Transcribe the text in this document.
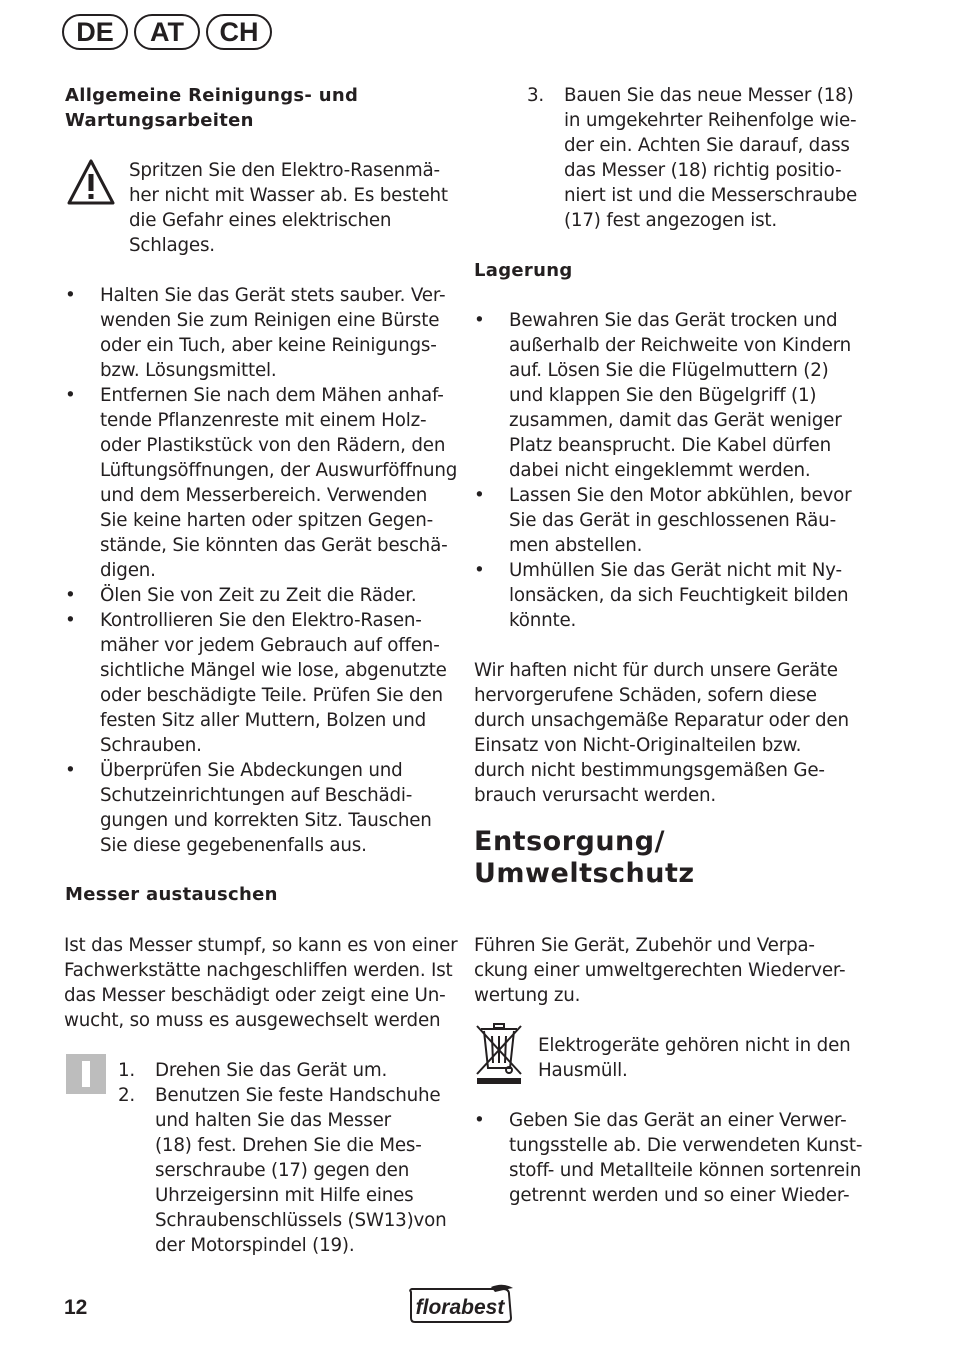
DE	AT	CH
Allgemeine Reinigungs- und
Wartungsarbeiten
Spritzen Sie den Elektro-Rasenmä-
her nicht mit Wasser ab. Es besteht
die Gefahr eines elektrischen
Schlages.
• Halten Sie das Gerät stets sauber. Ver-
wenden Sie zum Reinigen eine Bürste
oder ein Tuch, aber keine Reinigungs-
bzw. Lösungsmittel.
• Entfernen Sie nach dem Mähen anhaf-
tende Pflanzenreste mit einem Holz-
oder Plastikstück von den Rädern, den
Lüftungsöffnungen, der Auswurföffnung
und dem Messerbereich. Verwenden
Sie keine harten oder spitzen Gegen-
stände, Sie könnten das Gerät beschä-
digen.
• Ölen Sie von Zeit zu Zeit die Räder.
• Kontrollieren Sie den Elektro-Rasen-
mäher vor jedem Gebrauch auf offen-
sichtliche Mängel wie lose, abgenutzte
oder beschädigte Teile. Prüfen Sie den
festen Sitz aller Muttern, Bolzen und
Schrauben.
• Überprüfen Sie Abdeckungen und
Schutzeinrichtungen auf Beschädi-
gungen und korrekten Sitz. Tauschen
Sie diese gegebenenfalls aus.
Messer austauschen
Ist das Messer stumpf, so kann es von einer
Fachwerkstätte nachgeschliffen werden. Ist
das Messer beschädigt oder zeigt eine Un-
wucht, so muss es ausgewechselt werden
1. Drehen Sie das Gerät um.
2. Benutzen Sie feste Handschuhe
und halten Sie das Messer
(18) fest. Drehen Sie die Mes-
serschraube (17) gegen den
Uhrzeigersinn mit Hilfe eines
Schraubenschlüssels (SW13)von
der Motorspindel (19).
3. Bauen Sie das neue Messer (18)
in umgekehrter Reihenfolge wie-
der ein. Achten Sie darauf, dass
das Messer (18) richtig positio-
niert ist und die Messerschraube
(17) fest angezogen ist.
Lagerung
• Bewahren Sie das Gerät trocken und
außerhalb der Reichweite von Kindern
auf. Lösen Sie die Flügelmuttern (2)
und klappen Sie den Bügelgriff (1)
zusammen, damit das Gerät weniger
Platz beansprucht. Die Kabel dürfen
dabei nicht eingeklemmt werden.
• Lassen Sie den Motor abkühlen, bevor
Sie das Gerät in geschlossenen Räu-
men abstellen.
• Umhüllen Sie das Gerät nicht mit Ny-
lonsäcken, da sich Feuchtigkeit bilden
könnte.
Wir haften nicht für durch unsere Geräte
hervorgerufene Schäden, sofern diese
durch unsachgemäße Reparatur oder den
Einsatz von Nicht-Originalteilen bzw.
durch nicht bestimmungsgemäßen Ge-
brauch verursacht werden.
Entsorgung/
Umweltschutz
Führen Sie Gerät, Zubehör und Verpa-
ckung einer umweltgerechten Wiederver-
wertung zu.
Elektrogeräte gehören nicht in den
Hausmüll.
• Geben Sie das Gerät an einer Verwer-
tungsstelle ab. Die verwendeten Kunst-
stoff- und Metallteile können sortenrein
getrennt werden und so einer Wieder-
12	florabest
